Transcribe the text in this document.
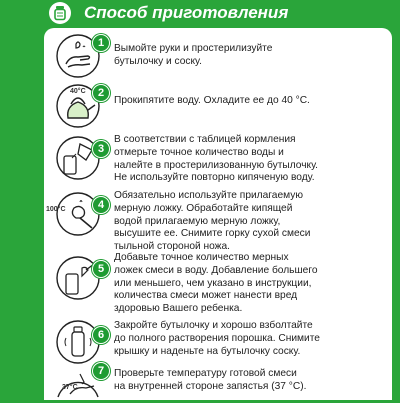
Способ приготовления
1 Вымойте руки и простерилизуйте
бутылочку и соску.
40°С	2
Прокипятите воду. Охладите ее до 40 °С.
3
В соответствии с таблицей кормления
отмерьте точное количество воды и
налейте в простерилизованную бутылочку.
Не используйте повторно кипяченую воду.
100°С	4
Обязательно используйте прилагаемую
мерную ложку. Обработайте кипящей
водой прилагаемую мерную ложку,
высушите ее. Снимите горку сухой смеси
тыльной стороной ножа.
5
Добавьте точное количество мерных
ложек смеси в воду. Добавление большего
или меньшего, чем указано в инструкции,
количества смеси может нанести вред
здоровью Вашего ребенка.
6
Закройте бутылочку и хорошо взболтайте
до полного растворения порошка. Снимите
крышку и наденьте на бутылочку соску.
37°С
7 Проверьте температуру готовой смеси
на внутренней стороне запястья (37 °С).
